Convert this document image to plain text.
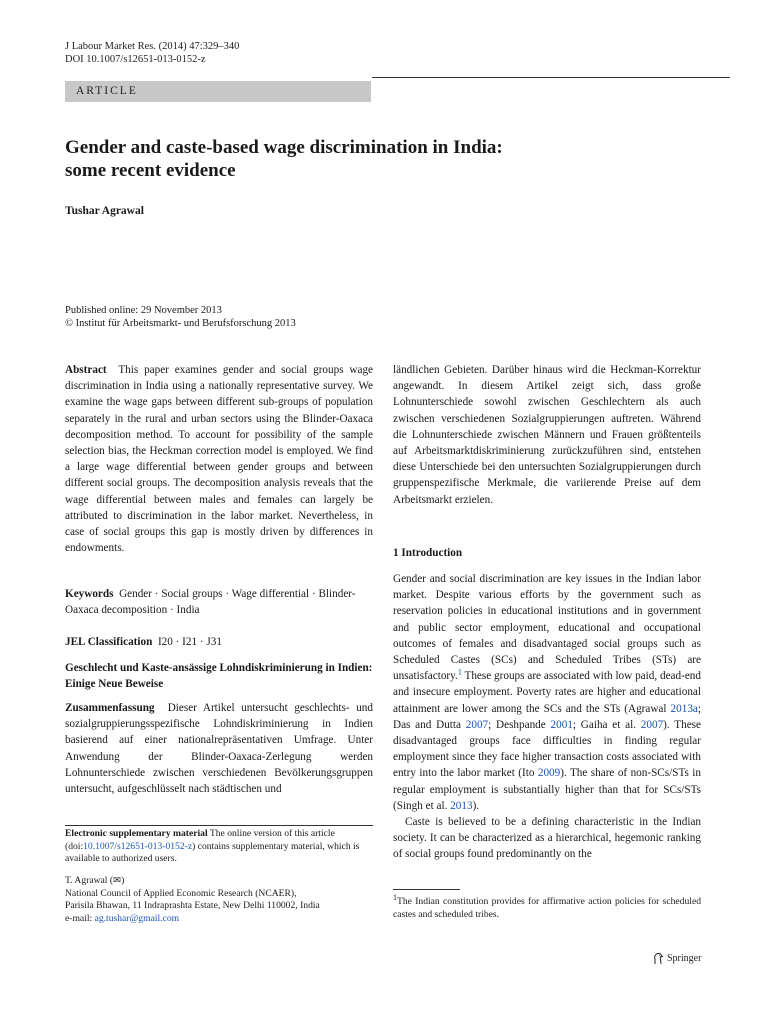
J Labour Market Res. (2014) 47:329–340
DOI 10.1007/s12651-013-0152-z
ARTICLE
Gender and caste-based wage discrimination in India:
some recent evidence
Tushar Agrawal
Published online: 29 November 2013
© Institut für Arbeitsmarkt- und Berufsforschung 2013

Abstract This paper examines gender and social groups wage discrimination in India using a nationally representative survey. We examine the wage gaps between different sub-groups of population separately in the rural and urban sectors using the Blinder-Oaxaca decomposition method. To account for possibility of the sample selection bias, the Heckman correction model is employed. We find a large wage differential between gender groups and between different social groups. The decomposition analysis reveals that the wage differential between males and females can largely be attributed to discrimination in the labor market. Nevertheless, in case of social groups this gap is mostly driven by differences in endowments.

Keywords Gender · Social groups · Wage differential · Blinder-Oaxaca decomposition · India

JEL Classification I20 · I21 · J31

Geschlecht und Kaste-ansässige Lohndiskriminierung in Indien: Einige Neue Beweise

Zusammenfassung Dieser Artikel untersucht geschlechts- und sozialgruppierungsspezifische Lohndiskriminierung in Indien basierend auf einer nationalrepräsentativen Umfrage. Unter Anwendung der Blinder-Oaxaca-Zerlegung werden Lohnunterschiede zwischen verschiedenen Bevölkerungsgruppen untersucht, aufgeschlüsselt nach städtischen und

Electronic supplementary material The online version of this article (doi:10.1007/s12651-013-0152-z) contains supplementary material, which is available to authorized users.
T. Agrawal (✉)
National Council of Applied Economic Research (NCAER),
Parisila Bhawan, 11 Indraprashta Estate, New Delhi 110002, India
e-mail: ag.tushar@gmail.com
ländlichen Gebieten. Darüber hinaus wird die Heckman-Korrektur angewandt. In diesem Artikel zeigt sich, dass große Lohnunterschiede sowohl zwischen Geschlechtern als auch zwischen verschiedenen Sozialgruppierungen auftreten. Während die Lohnunterschiede zwischen Männern und Frauen größtenteils auf Arbeitsmarktdiskriminierung zurückzuführen sind, entstehen diese Unterschiede bei den untersuchten Sozialgruppierungen durch gruppenspezifische Merkmale, die variierende Preise auf dem Arbeitsmarkt erzielen.
1 Introduction

Gender and social discrimination are key issues in the Indian labor market. Despite various efforts by the government such as reservation policies in educational institutions and in government and public sector employment, educational and occupational outcomes of females and disadvantaged social groups such as Scheduled Castes (SCs) and Scheduled Tribes (STs) are unsatisfactory.$^1$ These groups are associated with low paid, dead-end and insecure employment. Poverty rates are higher and educational attainment are lower among the SCs and the STs (Agrawal 2013a; Das and Dutta 2007; Deshpande 2001; Gaiha et al. 2007). These disadvantaged groups face difficulties in finding regular employment since they face higher transaction costs associated with entry into the labor market (Ito 2009). The share of non-SCs/STs in regular employment is substantially higher than that for SCs/STs (Singh et al. 2013).

Caste is believed to be a defining characteristic in the Indian society. It can be characterized as a hierarchical, hegemonic ranking of social groups found predominantly on the

$^1$The Indian constitution provides for affirmative action policies for scheduled castes and scheduled tribes.
Springer
